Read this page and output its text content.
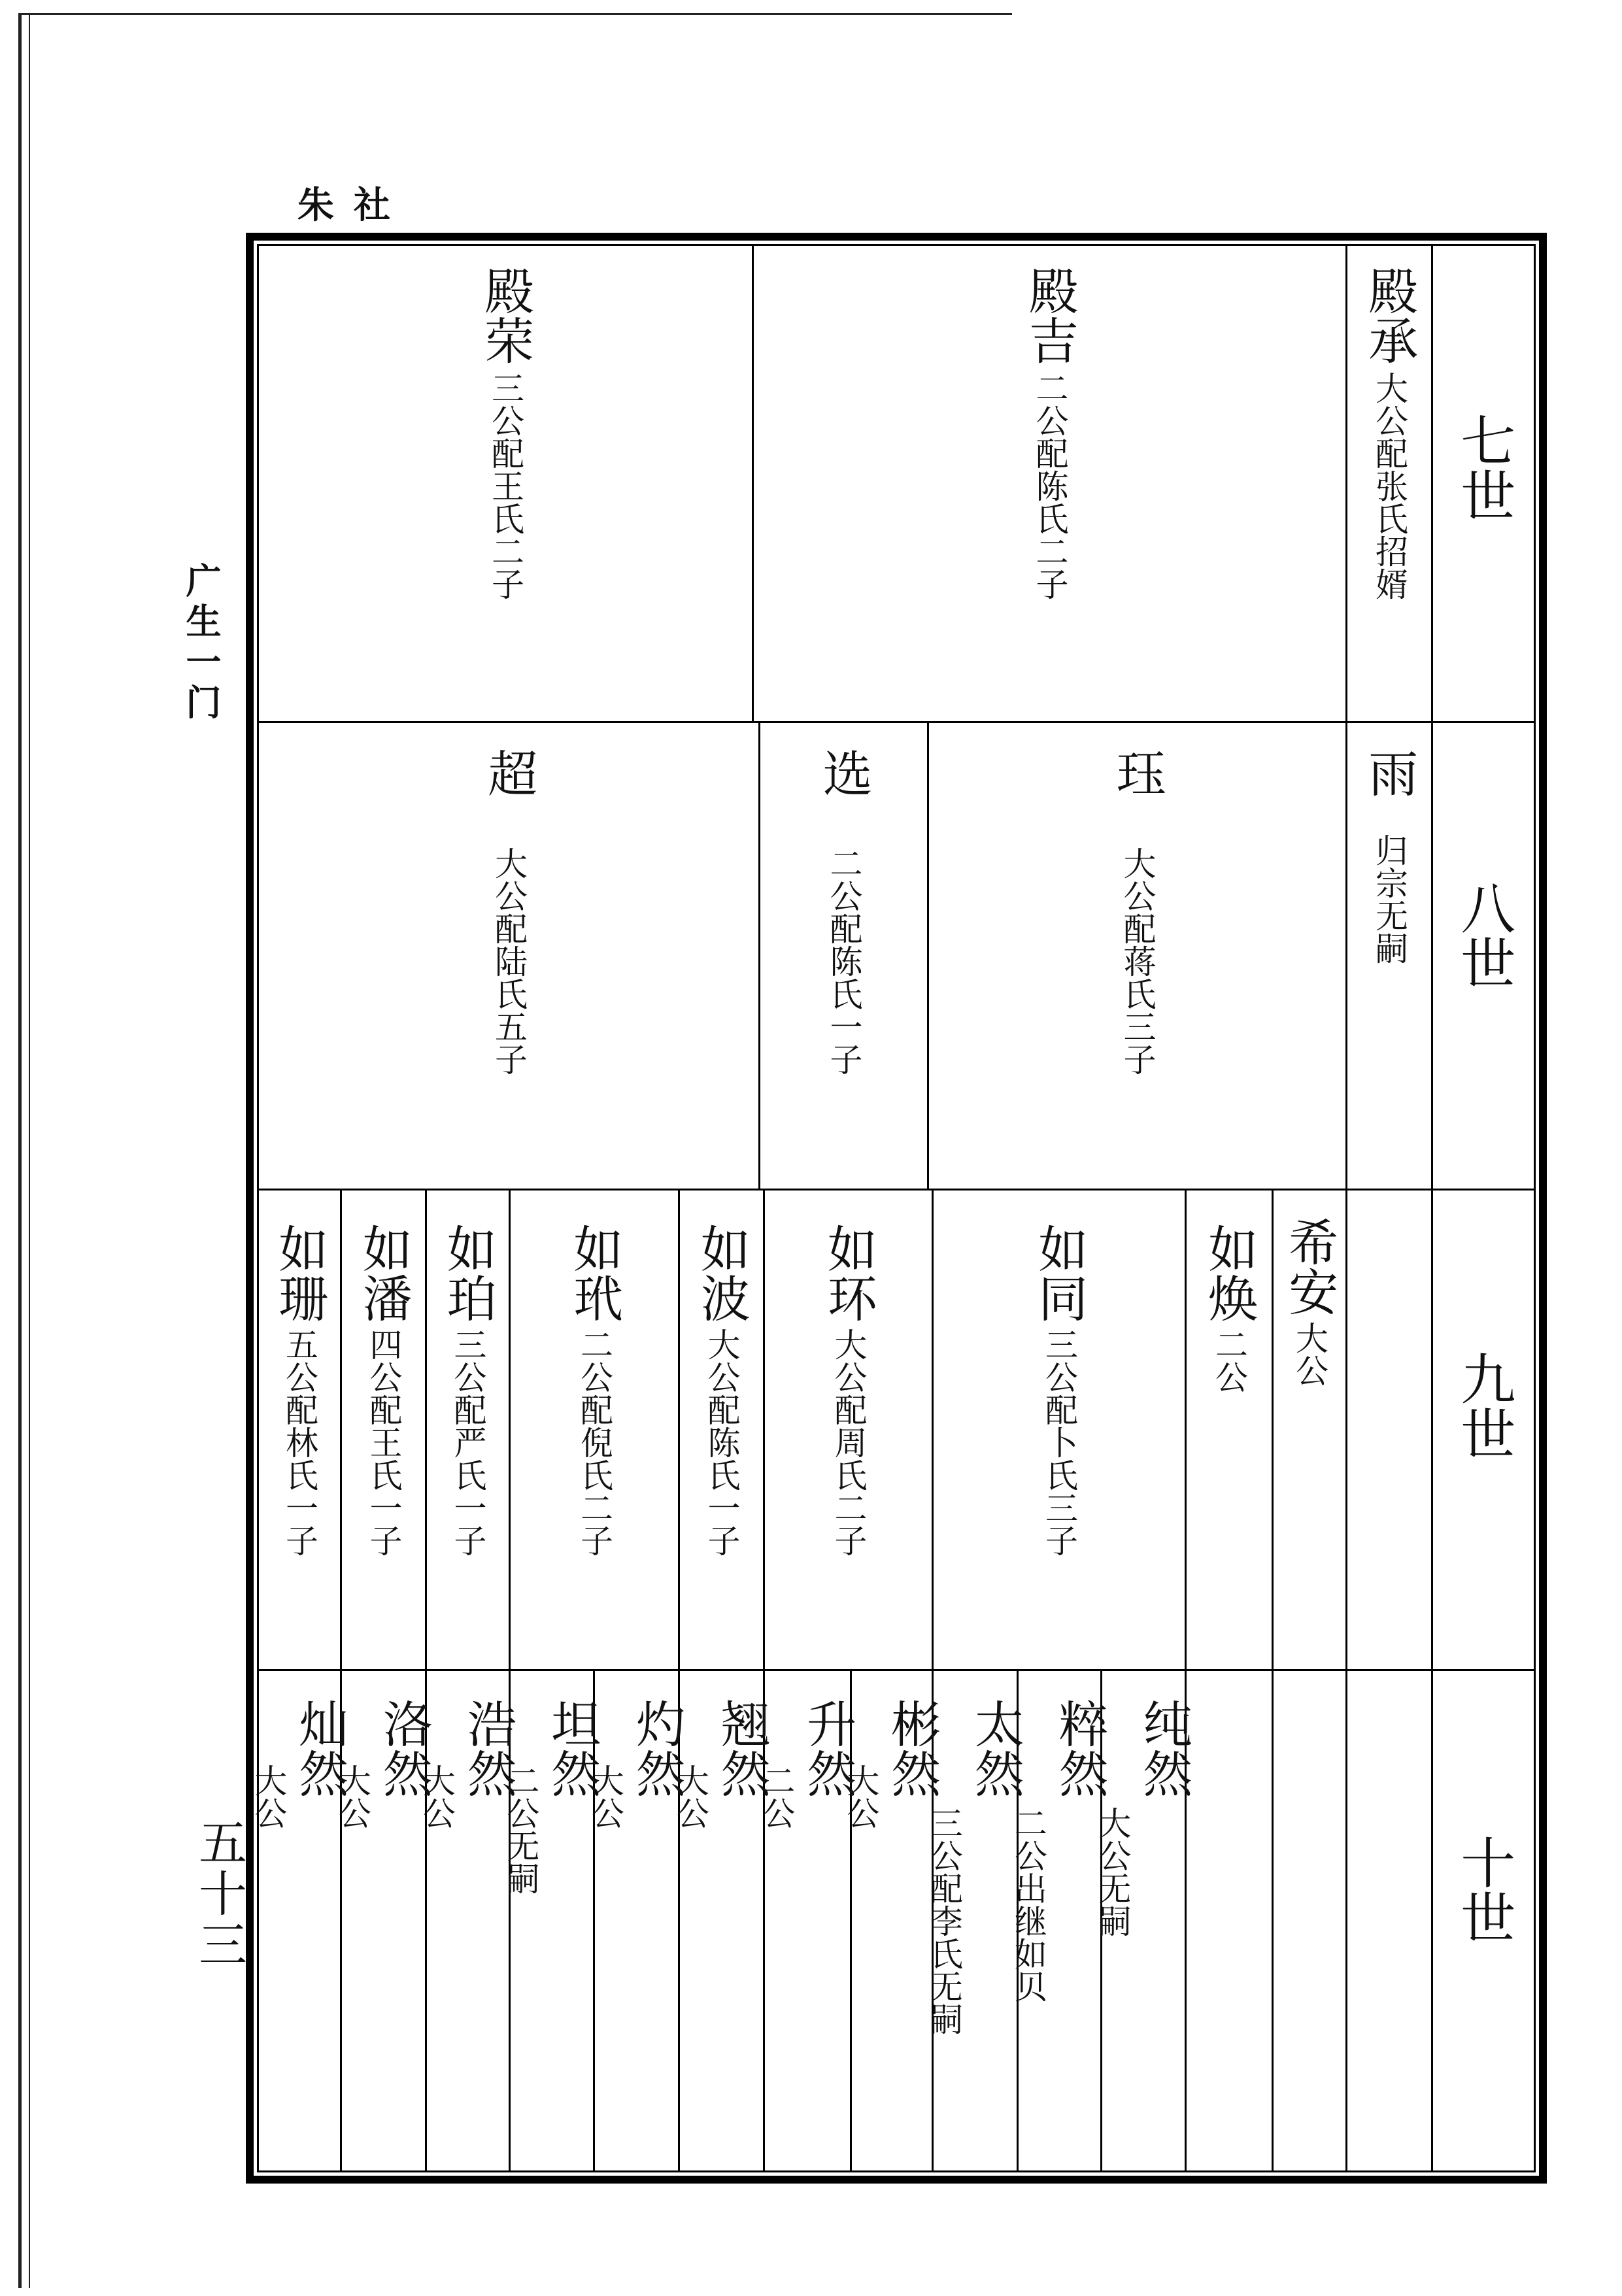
朱社
广生一门
五十三
七世
八世
九世
十世
殿承
大公配张氏招婿
殿吉
二公配陈氏二子
殿荣
三公配王氏二子
雨
归宗无嗣
珏
大公配蒋氏三子
选
二公配陈氏一子
超
大公配陆氏五子
希安
大公
如焕
二公
如同
三公配卜氏三子
如环
大公配周氏二子
如波
大公配陈氏一子
如玳
二公配倪氏二子
如珀
三公配严氏一子
如潘
四公配王氏一子
如珊
五公配林氏一子
纯然
大公无嗣
粹然
二公出继如贝
太然
三公配李氏无嗣
彬然
大公
升然
二公
翘然
大公
灼然
大公
坦然
二公无嗣
浩然
大公
洛然
大公
灿然
大公
